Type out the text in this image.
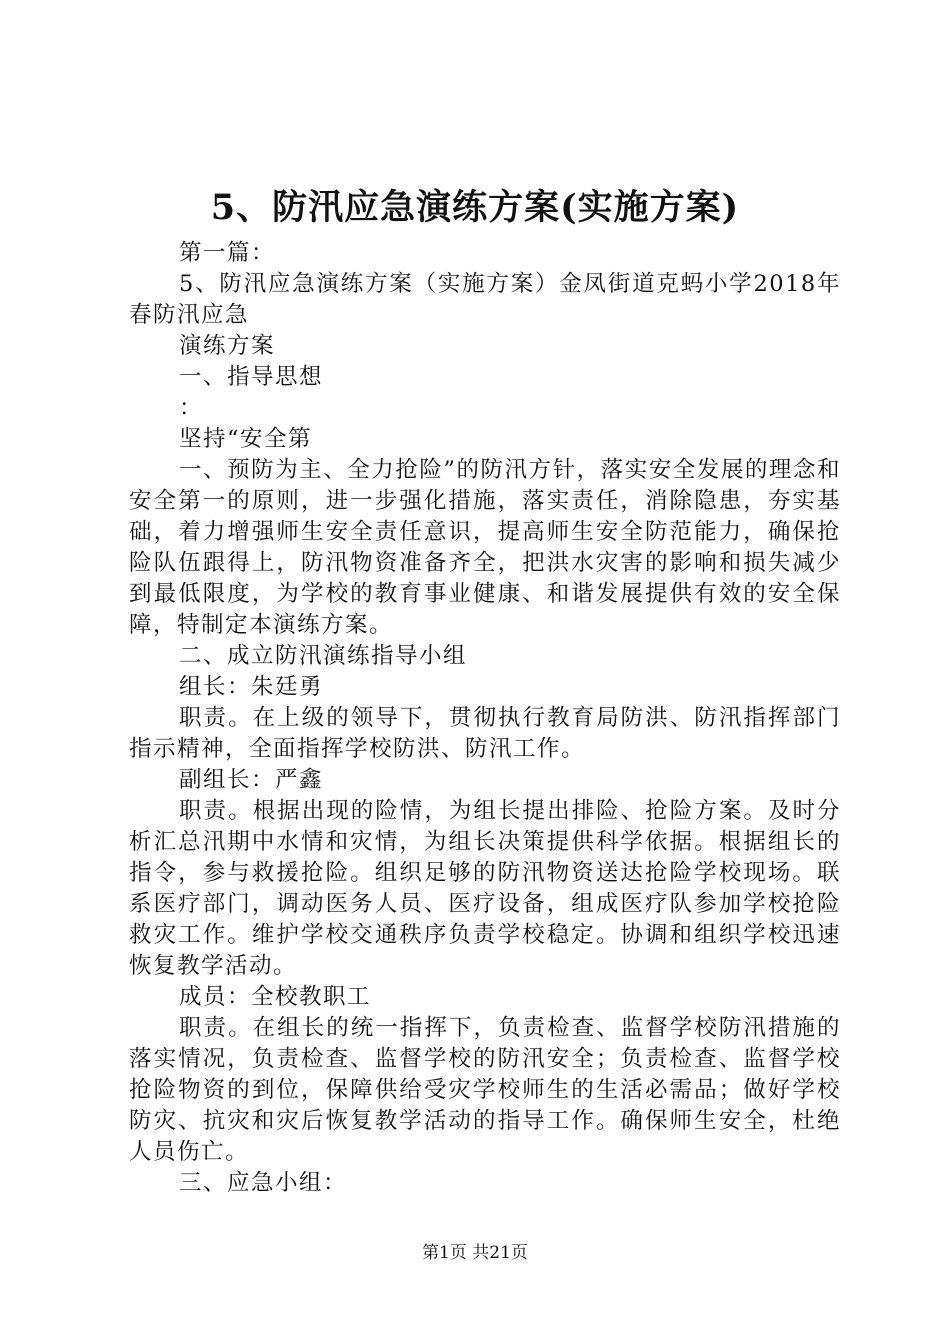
5、防汛应急演练方案(实施方案)

第一篇：

5、防汛应急演练方案（实施方案）金凤街道克蚂小学2018年春防汛应急

演练方案

一、指导思想

：

坚持“安全第

一、预防为主、全力抢险”的防汛方针，落实安全发展的理念和安全第一的原则，进一步强化措施，落实责任，消除隐患，夯实基础，着力增强师生安全责任意识，提高师生安全防范能力，确保抢险队伍跟得上，防汛物资准备齐全，把洪水灾害的影响和损失减少到最低限度，为学校的教育事业健康、和谐发展提供有效的安全保障，特制定本演练方案。

二、成立防汛演练指导小组

组长：朱廷勇

职责。在上级的领导下，贯彻执行教育局防洪、防汛指挥部门指示精神，全面指挥学校防洪、防汛工作。

副组长：严鑫

职责。根据出现的险情，为组长提出排险、抢险方案。及时分析汇总汛期中水情和灾情，为组长决策提供科学依据。根据组长的指令，参与救援抢险。组织足够的防汛物资送达抢险学校现场。联系医疗部门，调动医务人员、医疗设备，组成医疗队参加学校抢险救灾工作。维护学校交通秩序负责学校稳定。协调和组织学校迅速恢复教学活动。

成员：全校教职工

职责。在组长的统一指挥下，负责检查、监督学校防汛措施的落实情况，负责检查、监督学校的防汛安全；负责检查、监督学校抢险物资的到位，保障供给受灾学校师生的生活必需品；做好学校防灾、抗灾和灾后恢复教学活动的指导工作。确保师生安全，杜绝人员伤亡。

三、应急小组：

第1页 共21页
